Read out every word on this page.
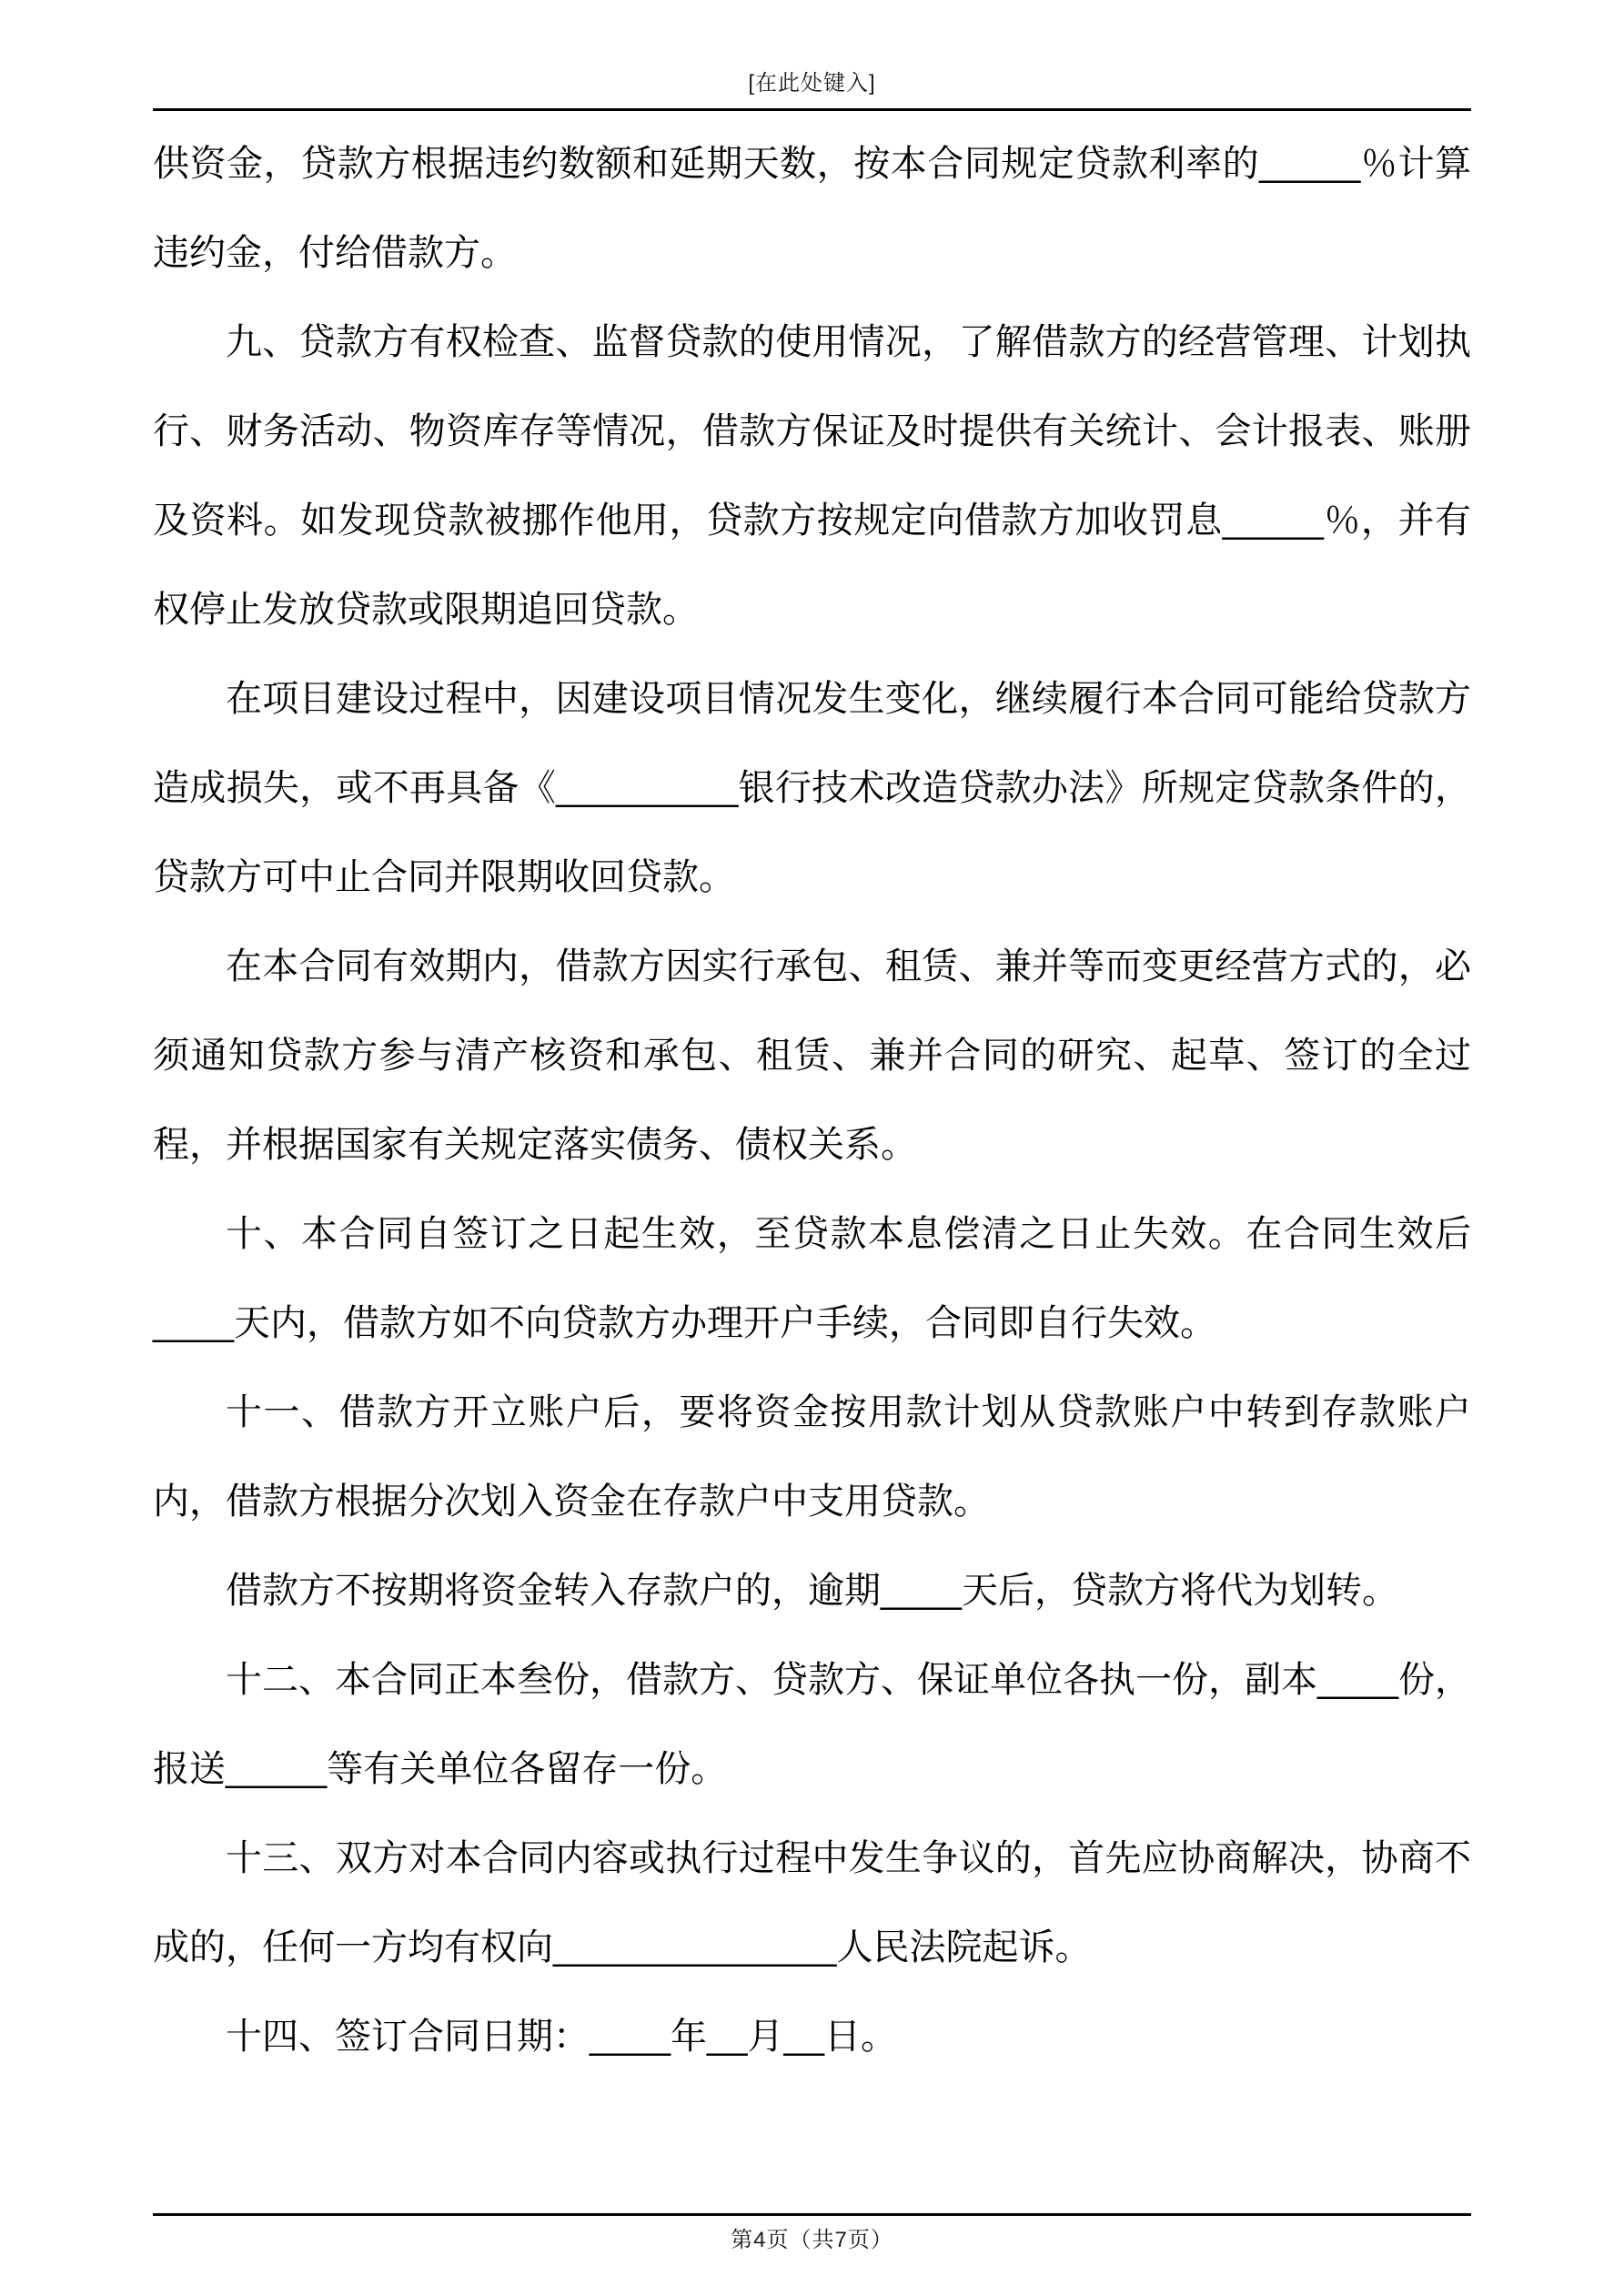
[在此处键入]

供资金，贷款方根据违约数额和延期天数，按本合同规定贷款利率的_____％计算违约金，付给借款方。

九、贷款方有权检查、监督贷款的使用情况，了解借款方的经营管理、计划执行、财务活动、物资库存等情况，借款方保证及时提供有关统计、会计报表、账册及资料。如发现贷款被挪作他用，贷款方按规定向借款方加收罚息_____％，并有权停止发放贷款或限期追回贷款。

在项目建设过程中，因建设项目情况发生变化，继续履行本合同可能给贷款方造成损失，或不再具备《_________银行技术改造贷款办法》所规定贷款条件的，贷款方可中止合同并限期收回贷款。

在本合同有效期内，借款方因实行承包、租赁、兼并等而变更经营方式的，必须通知贷款方参与清产核资和承包、租赁、兼并合同的研究、起草、签订的全过程，并根据国家有关规定落实债务、债权关系。

十、本合同自签订之日起生效，至贷款本息偿清之日止失效。在合同生效后____天内，借款方如不向贷款方办理开户手续，合同即自行失效。

十一、借款方开立账户后，要将资金按用款计划从贷款账户中转到存款账户内，借款方根据分次划入资金在存款户中支用贷款。

借款方不按期将资金转入存款户的，逾期____天后，贷款方将代为划转。

十二、本合同正本叁份，借款方、贷款方、保证单位各执一份，副本____份，报送_____等有关单位各留存一份。

十三、双方对本合同内容或执行过程中发生争议的，首先应协商解决，协商不成的，任何一方均有权向______________人民法院起诉。

十四、签订合同日期：____年__月__日。

第4页（共7页）
